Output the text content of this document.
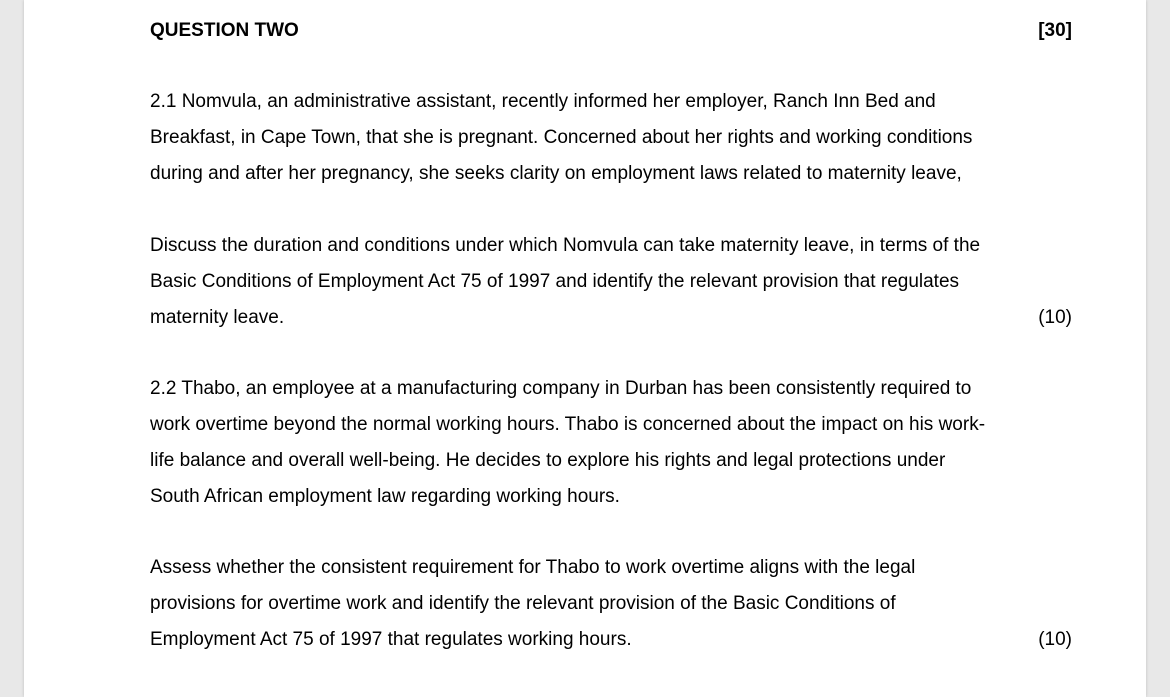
QUESTION TWO	[30]
2.1 Nomvula, an administrative assistant, recently informed her employer, Ranch Inn Bed and
Breakfast, in Cape Town, that she is pregnant. Concerned about her rights and working conditions
during and after her pregnancy, she seeks clarity on employment laws related to maternity leave,
Discuss the duration and conditions under which Nomvula can take maternity leave, in terms of the
Basic Conditions of Employment Act 75 of 1997 and identify the relevant provision that regulates
maternity leave.	(10)
2.2 Thabo, an employee at a manufacturing company in Durban has been consistently required to
work overtime beyond the normal working hours. Thabo is concerned about the impact on his work-
life balance and overall well-being. He decides to explore his rights and legal protections under
South African employment law regarding working hours.
Assess whether the consistent requirement for Thabo to work overtime aligns with the legal
provisions for overtime work and identify the relevant provision of the Basic Conditions of
Employment Act 75 of 1997 that regulates working hours.	(10)
